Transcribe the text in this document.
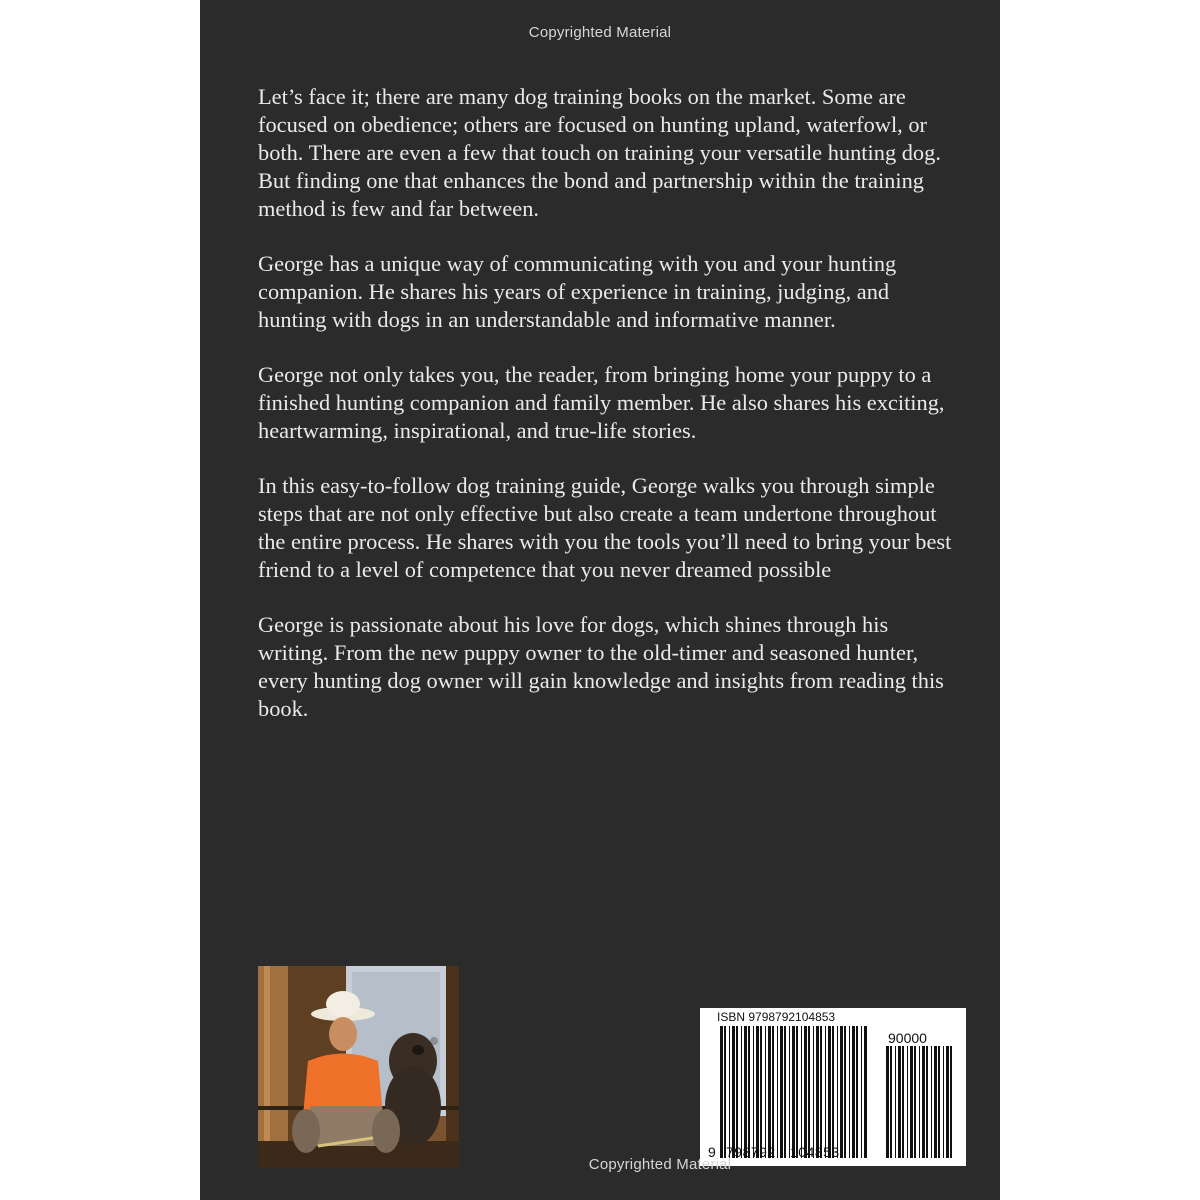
Copyrighted Material

Let’s face it; there are many dog training books on the market. Some are focused on obedience; others are focused on hunting upland, waterfowl, or both. There are even a few that touch on training your versatile hunting dog. But finding one that enhances the bond and partnership within the training method is few and far between.

George has a unique way of communicating with you and your hunting companion. He shares his years of experience in training, judging, and hunting with dogs in an understandable and informative manner.

George not only takes you, the reader, from bringing home your puppy to a finished hunting companion and family member. He also shares his exciting, heartwarming, inspirational, and true-life stories.

In this easy-to-follow dog training guide, George walks you through simple steps that are not only effective but also create a team undertone throughout the entire process. He shares with you the tools you’ll need to bring your best friend to a level of competence that you never dreamed possible

George is passionate about his love for dogs, which shines through his writing. From the new puppy owner to the old-timer and seasoned hunter, every hunting dog owner will gain knowledge and insights from reading this book.

ISBN 9798792104853
90000
9 798792 104853
Copyrighted Material
